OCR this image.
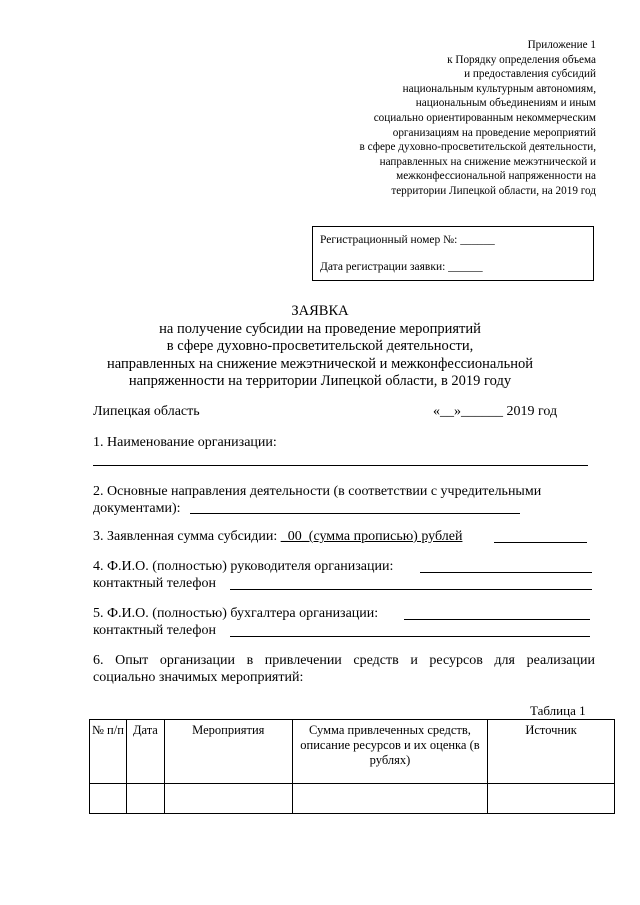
Приложение 1
к Порядку определения объема
и предоставления субсидий
национальным культурным автономиям,
национальным объединениям и иным
социально ориентированным некоммерческим
организациям на проведение мероприятий
в сфере духовно-просветительской деятельности,
направленных на снижение межэтнической и
межконфессиональной напряженности на
территории Липецкой области, на 2019 год
Регистрационный номер №: ______
Дата регистрации заявки: ______
ЗАЯВКА
на получение субсидии на проведение мероприятий
в сфере духовно-просветительской деятельности,
направленных на снижение межэтнической и межконфессиональной
напряженности на территории Липецкой области, в 2019 году
Липецкая область	«__»______ 2019 год
1. Наименование организации:
2. Основные направления деятельности (в соответствии с учредительными
документами):
3. Заявленная сумма субсидии: _00_(сумма прописью) рублей
4. Ф.И.О. (полностью) руководителя организации:
контактный телефон
5. Ф.И.О. (полностью) бухгалтера организации:
контактный телефон
6. Опыт организации в привлечении средств и ресурсов для реализации
социально значимых мероприятий:
Таблица 1
№ п/п	Дата	Мероприятия	Сумма привлеченных средств, описание ресурсов и их оценка (в рублях)	Источник
